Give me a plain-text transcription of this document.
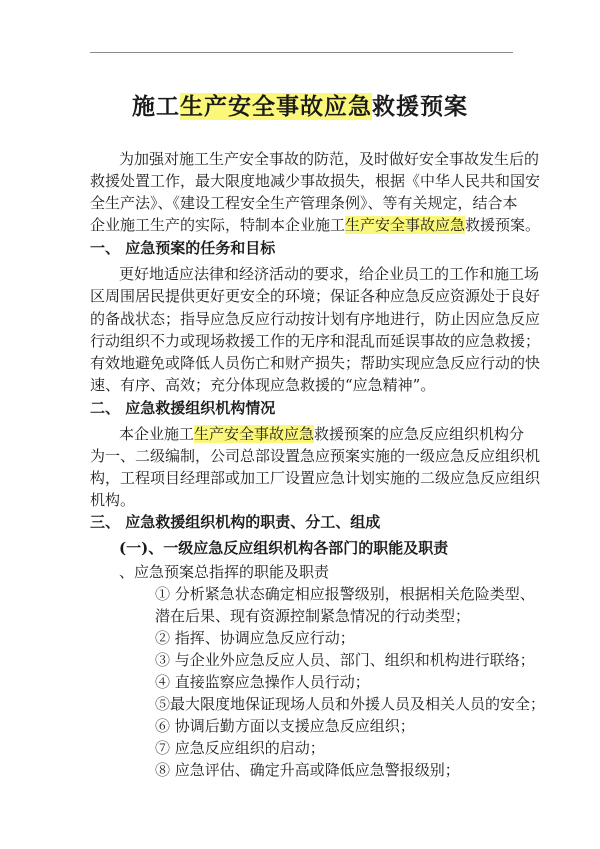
施工生产安全事故应急救援预案
为加强对施工生产安全事故的防范，及时做好安全事故发生后的
救援处置工作，最大限度地减少事故损失，根据《中华人民共和国安
全生产法》、《建设工程安全生产管理条例》、等有关规定，结合本
企业施工生产的实际，特制本企业施工生产安全事故应急救援预案。
一、 应急预案的任务和目标
更好地适应法律和经济活动的要求，给企业员工的工作和施工场
区周围居民提供更好更安全的环境；保证各种应急反应资源处于良好
的备战状态；指导应急反应行动按计划有序地进行，防止因应急反应
行动组织不力或现场救援工作的无序和混乱而延误事故的应急救援；
有效地避免或降低人员伤亡和财产损失；帮助实现应急反应行动的快
速、有序、高效；充分体现应急救援的“应急精神”。
二、 应急救援组织机构情况
本企业施工生产安全事故应急救援预案的应急反应组织机构分
为一、二级编制，公司总部设置急应预案实施的一级应急反应组织机
构，工程项目经理部或加工厂设置应急计划实施的二级应急反应组织
机构。
三、 应急救援组织机构的职责、分工、组成
(一)、一级应急反应组织机构各部门的职能及职责
、应急预案总指挥的职能及职责
① 分析紧急状态确定相应报警级别，根据相关危险类型、
潜在后果、现有资源控制紧急情况的行动类型；
② 指挥、协调应急反应行动；
③ 与企业外应急反应人员、部门、组织和机构进行联络；
④ 直接监察应急操作人员行动；
⑤最大限度地保证现场人员和外援人员及相关人员的安全；
⑥ 协调后勤方面以支援应急反应组织；
⑦ 应急反应组织的启动；
⑧ 应急评估、确定升高或降低应急警报级别；
